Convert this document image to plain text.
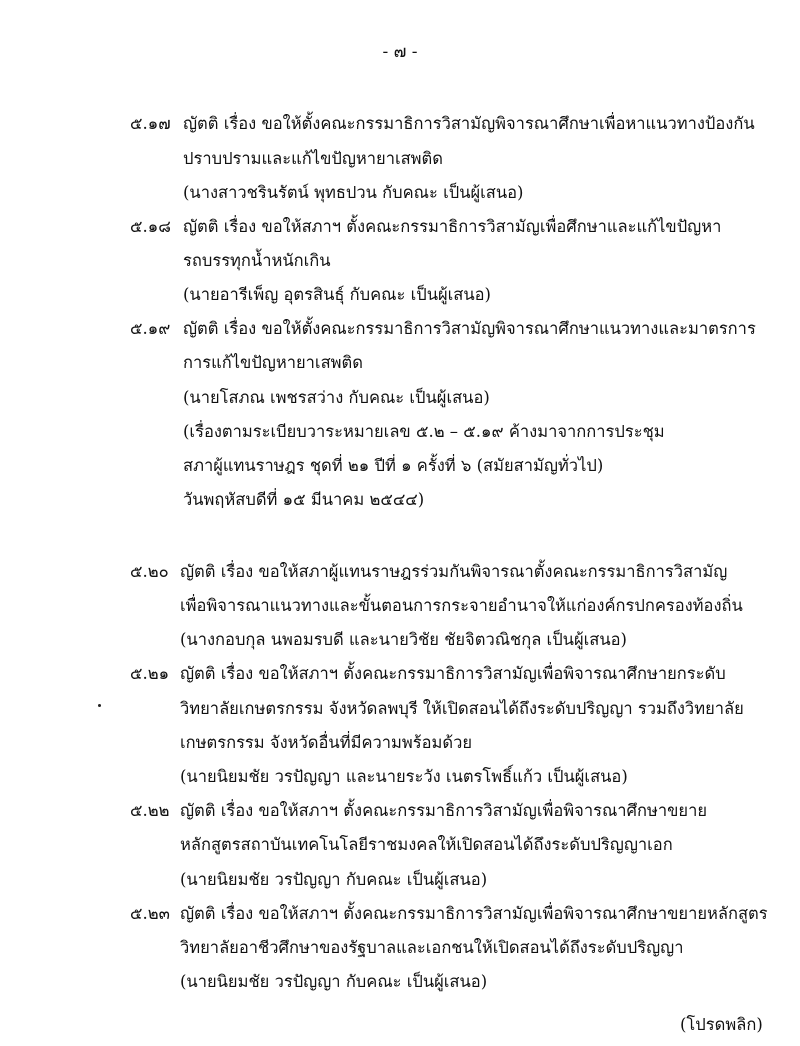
- ๗ -
๕.๑๗ ญัตติ เรื่อง ขอให้ตั้งคณะกรรมาธิการวิสามัญพิจารณาศึกษาเพื่อหาแนวทางป้องกัน
ปราบปรามและแก้ไขปัญหายาเสพติด
(นางสาวชรินรัตน์ พุทธปวน กับคณะ เป็นผู้เสนอ)
๕.๑๘ ญัตติ เรื่อง ขอให้สภาฯ ตั้งคณะกรรมาธิการวิสามัญเพื่อศึกษาและแก้ไขปัญหา
รถบรรทุกน้ำหนักเกิน
(นายอารีเพ็ญ อุตรสินธุ์ กับคณะ เป็นผู้เสนอ)
๕.๑๙ ญัตติ เรื่อง ขอให้ตั้งคณะกรรมาธิการวิสามัญพิจารณาศึกษาแนวทางและมาตรการ
การแก้ไขปัญหายาเสพติด
(นายโสภณ เพชรสว่าง กับคณะ เป็นผู้เสนอ)
(เรื่องตามระเบียบวาระหมายเลข ๕.๒ – ๕.๑๙ ค้างมาจากการประชุม
สภาผู้แทนราษฎร ชุดที่ ๒๑ ปีที่ ๑ ครั้งที่ ๖ (สมัยสามัญทั่วไป)
วันพฤหัสบดีที่ ๑๕ มีนาคม ๒๕๔๔)
๕.๒๐ ญัตติ เรื่อง ขอให้สภาผู้แทนราษฎรร่วมกันพิจารณาตั้งคณะกรรมาธิการวิสามัญ
เพื่อพิจารณาแนวทางและขั้นตอนการกระจายอำนาจให้แก่องค์กรปกครองท้องถิ่น
(นางกอบกุล นพอมรบดี และนายวิชัย ชัยจิตวณิชกุล เป็นผู้เสนอ)
๕.๒๑ ญัตติ เรื่อง ขอให้สภาฯ ตั้งคณะกรรมาธิการวิสามัญเพื่อพิจารณาศึกษายกระดับ
วิทยาลัยเกษตรกรรม จังหวัดลพบุรี ให้เปิดสอนได้ถึงระดับปริญญา รวมถึงวิทยาลัย
เกษตรกรรม จังหวัดอื่นที่มีความพร้อมด้วย
(นายนิยมชัย วรปัญญา และนายระวัง เนตรโพธิ์แก้ว เป็นผู้เสนอ)
๕.๒๒ ญัตติ เรื่อง ขอให้สภาฯ ตั้งคณะกรรมาธิการวิสามัญเพื่อพิจารณาศึกษาขยาย
หลักสูตรสถาบันเทคโนโลยีราชมงคลให้เปิดสอนได้ถึงระดับปริญญาเอก
(นายนิยมชัย วรปัญญา กับคณะ เป็นผู้เสนอ)
๕.๒๓ ญัตติ เรื่อง ขอให้สภาฯ ตั้งคณะกรรมาธิการวิสามัญเพื่อพิจารณาศึกษาขยายหลักสูตร
วิทยาลัยอาชีวศึกษาของรัฐบาลและเอกชนให้เปิดสอนได้ถึงระดับปริญญา
(นายนิยมชัย วรปัญญา กับคณะ เป็นผู้เสนอ)
(โปรดพลิก)
